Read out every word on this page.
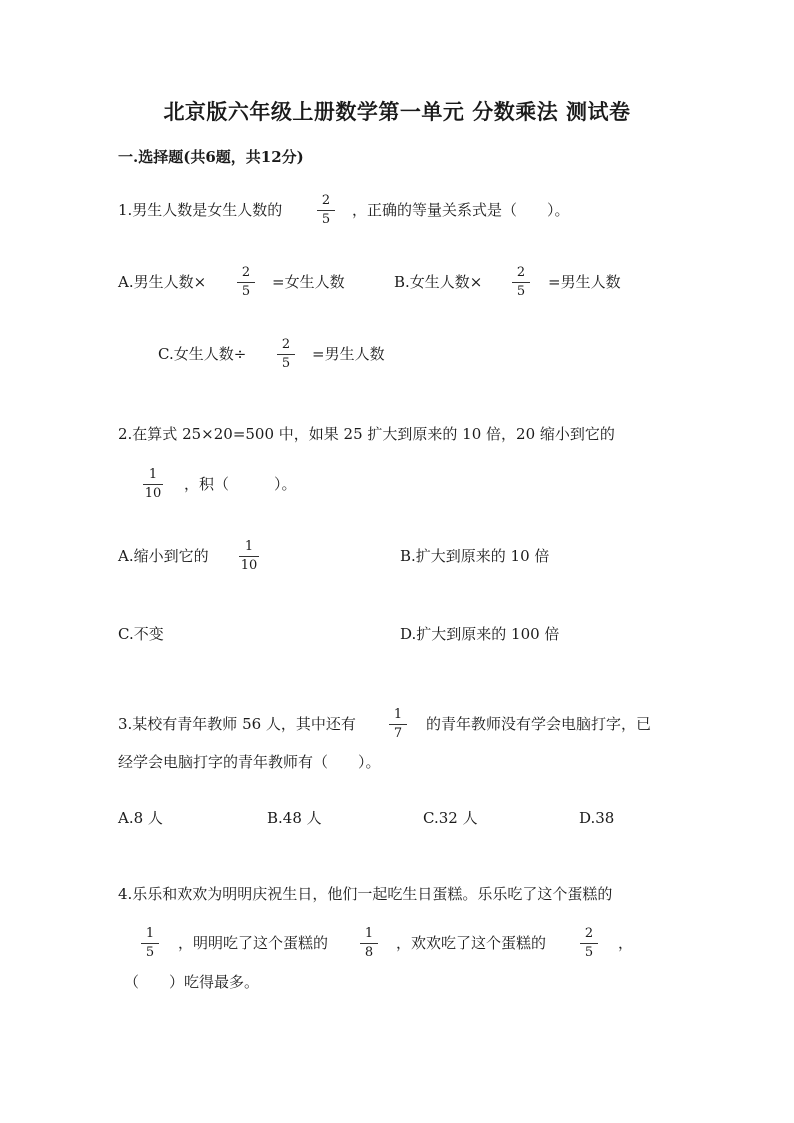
北京版六年级上册数学第一单元 分数乘法 测试卷
一.选择题(共6题，共12分)
1.男生人数是女生人数的
2
5
，正确的等量关系式是（　　）。
A.男生人数×
2
5
=女生人数	B.女生人数×
2
5
=男生人数
C.女生人数÷
2
5
=男生人数
2.在算式 25×20=500 中，如果 25 扩大到原来的 10 倍，20 缩小到它的
1
10
，积（　　　）。
A.缩小到它的
1
10
B.扩大到原来的 10 倍
C.不变	D.扩大到原来的 100 倍
3.某校有青年教师 56 人，其中还有
1
7
的青年教师没有学会电脑打字，已
经学会电脑打字的青年教师有（　　）。
A.8 人	B.48 人	C.32 人	D.38
4.乐乐和欢欢为明明庆祝生日，他们一起吃生日蛋糕。乐乐吃了这个蛋糕的
1
5
，明明吃了这个蛋糕的
1
8
，欢欢吃了这个蛋糕的
2
5
，
（　　）吃得最多。
